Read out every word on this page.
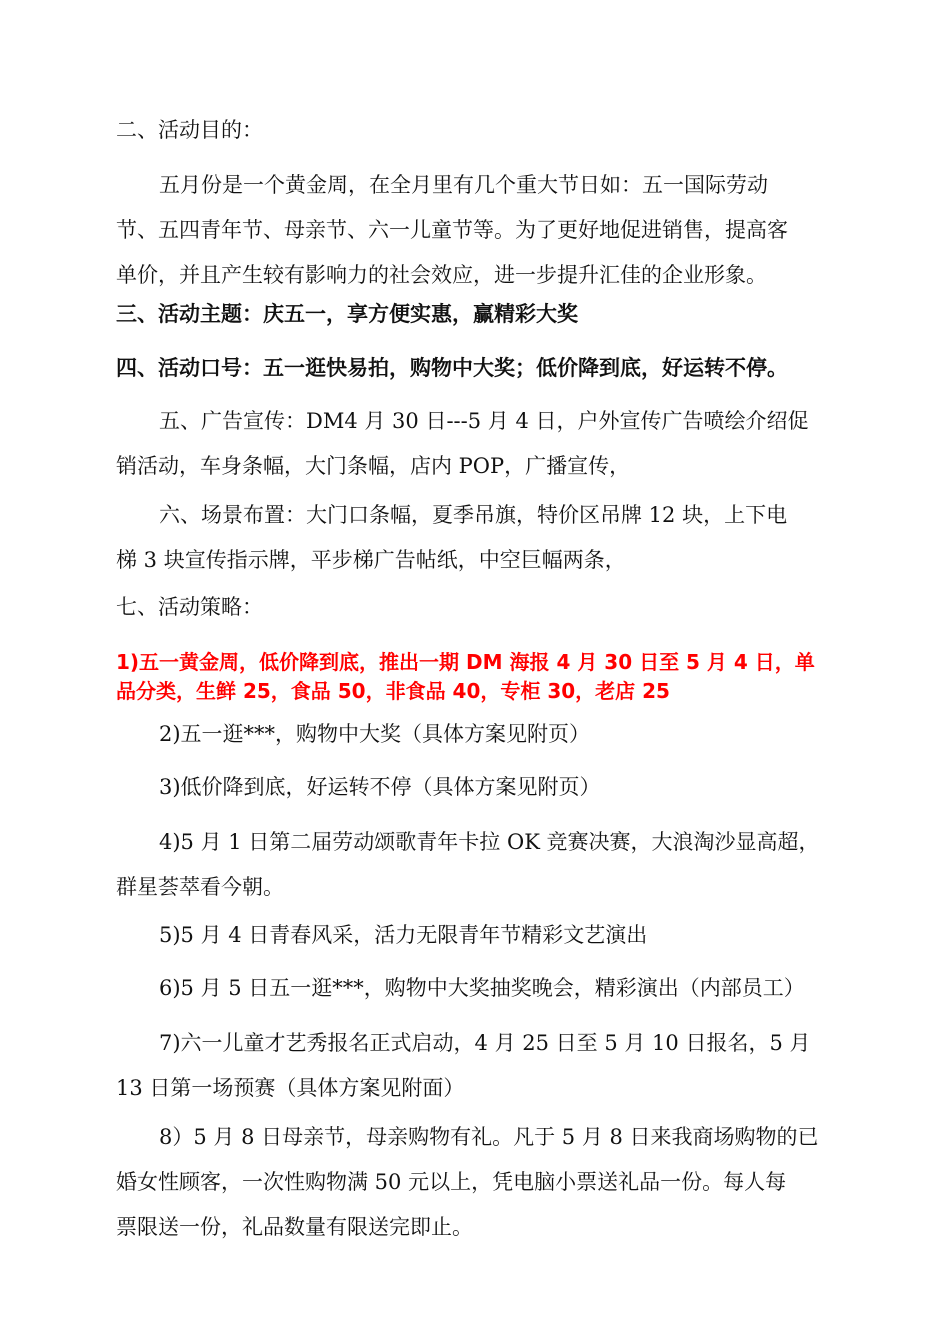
二、活动目的：

五月份是一个黄金周，在全月里有几个重大节日如：五一国际劳动
节、五四青年节、母亲节、六一儿童节等。为了更好地促进销售，提高客
单价，并且产生较有影响力的社会效应，进一步提升汇佳的企业形象。

三、活动主题：庆五一，享方便实惠，赢精彩大奖

四、活动口号：五一逛快易拍，购物中大奖；低价降到底，好运转不停。

五、广告宣传：DM4 月 30 日---5 月 4 日，户外宣传广告喷绘介绍促
销活动，车身条幅，大门条幅，店内 POP，广播宣传，

六、场景布置：大门口条幅，夏季吊旗，特价区吊牌 12 块，上下电
梯 3 块宣传指示牌，平步梯广告帖纸，中空巨幅两条，

七、活动策略：

1)五一黄金周，低价降到底，推出一期 DM 海报 4 月 30 日至 5 月 4 日，单
品分类，生鲜 25，食品 50，非食品 40，专柜 30，老店 25

2)五一逛***，购物中大奖（具体方案见附页）

3)低价降到底，好运转不停（具体方案见附页）

4)5 月 1 日第二届劳动颂歌青年卡拉 OK 竞赛决赛，大浪淘沙显高超，
群星荟萃看今朝。

5)5 月 4 日青春风采，活力无限青年节精彩文艺演出

6)5 月 5 日五一逛***，购物中大奖抽奖晚会，精彩演出（内部员工）

7)六一儿童才艺秀报名正式启动，4 月 25 日至 5 月 10 日报名，5 月
13 日第一场预赛（具体方案见附面）

8）5 月 8 日母亲节，母亲购物有礼。凡于 5 月 8 日来我商场购物的已
婚女性顾客，一次性购物满 50 元以上，凭电脑小票送礼品一份。每人每
票限送一份，礼品数量有限送完即止。
